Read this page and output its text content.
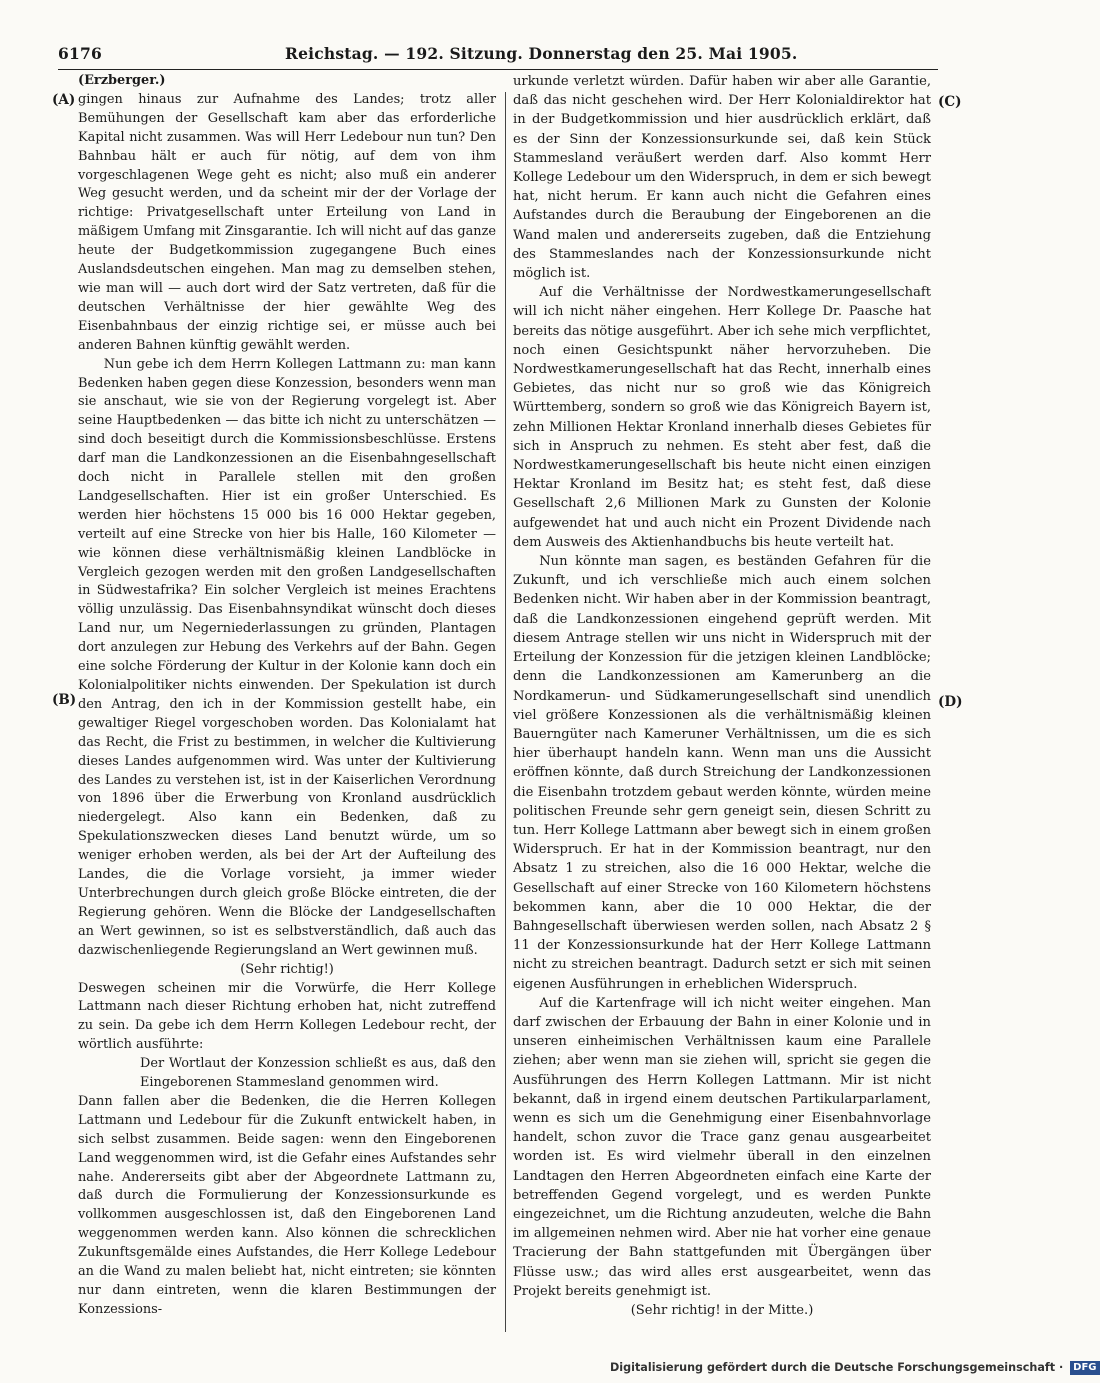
6176	Reichstag. — 192. Sitzung. Donnerstag den 25. Mai 1905.
(A)
(B)
(C)
(D)

(Erzberger.)

gingen hinaus zur Aufnahme des Landes; trotz aller Bemühungen der Gesellschaft kam aber das erforderliche Kapital nicht zusammen. Was will Herr Ledebour nun tun? Den Bahnbau hält er auch für nötig, auf dem von ihm vorgeschlagenen Wege geht es nicht; also muß ein anderer Weg gesucht werden, und da scheint mir der der Vorlage der richtige: Privatgesellschaft unter Erteilung von Land in mäßigem Umfang mit Zinsgarantie. Ich will nicht auf das ganze heute der Budgetkommission zugegangene Buch eines Auslandsdeutschen eingehen. Man mag zu demselben stehen, wie man will — auch dort wird der Satz vertreten, daß für die deutschen Verhältnisse der hier gewählte Weg des Eisenbahnbaus der einzig richtige sei, er müsse auch bei anderen Bahnen künftig gewählt werden.

Nun gebe ich dem Herrn Kollegen Lattmann zu: man kann Bedenken haben gegen diese Konzession, besonders wenn man sie anschaut, wie sie von der Regierung vorgelegt ist. Aber seine Hauptbedenken — das bitte ich nicht zu unterschätzen — sind doch beseitigt durch die Kommissionsbeschlüsse. Erstens darf man die Landkonzessionen an die Eisenbahngesellschaft doch nicht in Parallele stellen mit den großen Landgesellschaften. Hier ist ein großer Unterschied. Es werden hier höchstens 15 000 bis 16 000 Hektar gegeben, verteilt auf eine Strecke von hier bis Halle, 160 Kilometer — wie können diese verhältnismäßig kleinen Landblöcke in Vergleich gezogen werden mit den großen Landgesellschaften in Südwestafrika? Ein solcher Vergleich ist meines Erachtens völlig unzulässig. Das Eisenbahnsyndikat wünscht doch dieses Land nur, um Negerniederlassungen zu gründen, Plantagen dort anzulegen zur Hebung des Verkehrs auf der Bahn. Gegen eine solche Förderung der Kultur in der Kolonie kann doch ein Kolonialpolitiker nichts einwenden. Der Spekulation ist durch den Antrag, den ich in der Kommission gestellt habe, ein gewaltiger Riegel vorgeschoben worden. Das Kolonialamt hat das Recht, die Frist zu bestimmen, in welcher die Kultivierung dieses Landes aufgenommen wird. Was unter der Kultivierung des Landes zu verstehen ist, ist in der Kaiserlichen Verordnung von 1896 über die Erwerbung von Kronland ausdrücklich niedergelegt. Also kann ein Bedenken, daß zu Spekulationszwecken dieses Land benutzt würde, um so weniger erhoben werden, als bei der Art der Aufteilung des Landes, die die Vorlage vorsieht, ja immer wieder Unterbrechungen durch gleich große Blöcke eintreten, die der Regierung gehören. Wenn die Blöcke der Landgesellschaften an Wert gewinnen, so ist es selbstverständlich, daß auch das dazwischenliegende Regierungsland an Wert gewinnen muß.

(Sehr richtig!)

Deswegen scheinen mir die Vorwürfe, die Herr Kollege Lattmann nach dieser Richtung erhoben hat, nicht zutreffend zu sein. Da gebe ich dem Herrn Kollegen Ledebour recht, der wörtlich ausführte:

Der Wortlaut der Konzession schließt es aus, daß den Eingeborenen Stammesland genommen wird.

Dann fallen aber die Bedenken, die die Herren Kollegen Lattmann und Ledebour für die Zukunft entwickelt haben, in sich selbst zusammen. Beide sagen: wenn den Eingeborenen Land weggenommen wird, ist die Gefahr eines Aufstandes sehr nahe. Andererseits gibt aber der Abgeordnete Lattmann zu, daß durch die Formulierung der Konzessionsurkunde es vollkommen ausgeschlossen ist, daß den Eingeborenen Land weggenommen werden kann. Also können die schrecklichen Zukunftsgemälde eines Aufstandes, die Herr Kollege Ledebour an die Wand zu malen beliebt hat, nicht eintreten; sie könnten nur dann eintreten, wenn die klaren Bestimmungen der Konzessions-

urkunde verletzt würden. Dafür haben wir aber alle Garantie, daß das nicht geschehen wird. Der Herr Kolonialdirektor hat in der Budgetkommission und hier ausdrücklich erklärt, daß es der Sinn der Konzessionsurkunde sei, daß kein Stück Stammesland veräußert werden darf. Also kommt Herr Kollege Ledebour um den Widerspruch, in dem er sich bewegt hat, nicht herum. Er kann auch nicht die Gefahren eines Aufstandes durch die Beraubung der Eingeborenen an die Wand malen und andererseits zugeben, daß die Entziehung des Stammeslandes nach der Konzessionsurkunde nicht möglich ist.

Auf die Verhältnisse der Nordwestkamerungesellschaft will ich nicht näher eingehen. Herr Kollege Dr. Paasche hat bereits das nötige ausgeführt. Aber ich sehe mich verpflichtet, noch einen Gesichtspunkt näher hervorzuheben. Die Nordwestkamerungesellschaft hat das Recht, innerhalb eines Gebietes, das nicht nur so groß wie das Königreich Württemberg, sondern so groß wie das Königreich Bayern ist, zehn Millionen Hektar Kronland innerhalb dieses Gebietes für sich in Anspruch zu nehmen. Es steht aber fest, daß die Nordwestkamerungesellschaft bis heute nicht einen einzigen Hektar Kronland im Besitz hat; es steht fest, daß diese Gesellschaft 2,6 Millionen Mark zu Gunsten der Kolonie aufgewendet hat und auch nicht ein Prozent Dividende nach dem Ausweis des Aktienhandbuchs bis heute verteilt hat.

Nun könnte man sagen, es beständen Gefahren für die Zukunft, und ich verschließe mich auch einem solchen Bedenken nicht. Wir haben aber in der Kommission beantragt, daß die Landkonzessionen eingehend geprüft werden. Mit diesem Antrage stellen wir uns nicht in Widerspruch mit der Erteilung der Konzession für die jetzigen kleinen Landblöcke; denn die Landkonzessionen am Kamerunberg an die Nordkamerun- und Südkamerungesellschaft sind unendlich viel größere Konzessionen als die verhältnismäßig kleinen Bauerngüter nach Kameruner Verhältnissen, um die es sich hier überhaupt handeln kann. Wenn man uns die Aussicht eröffnen könnte, daß durch Streichung der Landkonzessionen die Eisenbahn trotzdem gebaut werden könnte, würden meine politischen Freunde sehr gern geneigt sein, diesen Schritt zu tun. Herr Kollege Lattmann aber bewegt sich in einem großen Widerspruch. Er hat in der Kommission beantragt, nur den Absatz 1 zu streichen, also die 16 000 Hektar, welche die Gesellschaft auf einer Strecke von 160 Kilometern höchstens bekommen kann, aber die 10 000 Hektar, die der Bahngesellschaft überwiesen werden sollen, nach Absatz 2 § 11 der Konzessionsurkunde hat der Herr Kollege Lattmann nicht zu streichen beantragt. Dadurch setzt er sich mit seinen eigenen Ausführungen in erheblichen Widerspruch.

Auf die Kartenfrage will ich nicht weiter eingehen. Man darf zwischen der Erbauung der Bahn in einer Kolonie und in unseren einheimischen Verhältnissen kaum eine Parallele ziehen; aber wenn man sie ziehen will, spricht sie gegen die Ausführungen des Herrn Kollegen Lattmann. Mir ist nicht bekannt, daß in irgend einem deutschen Partikularparlament, wenn es sich um die Genehmigung einer Eisenbahnvorlage handelt, schon zuvor die Trace ganz genau ausgearbeitet worden ist. Es wird vielmehr überall in den einzelnen Landtagen den Herren Abgeordneten einfach eine Karte der betreffenden Gegend vorgelegt, und es werden Punkte eingezeichnet, um die Richtung anzudeuten, welche die Bahn im allgemeinen nehmen wird. Aber nie hat vorher eine genaue Tracierung der Bahn stattgefunden mit Übergängen über Flüsse usw.; das wird alles erst ausgearbeitet, wenn das Projekt bereits genehmigt ist.

(Sehr richtig! in der Mitte.)

Digitalisierung gefördert durch die Deutsche Forschungsgemeinschaft · DFG
